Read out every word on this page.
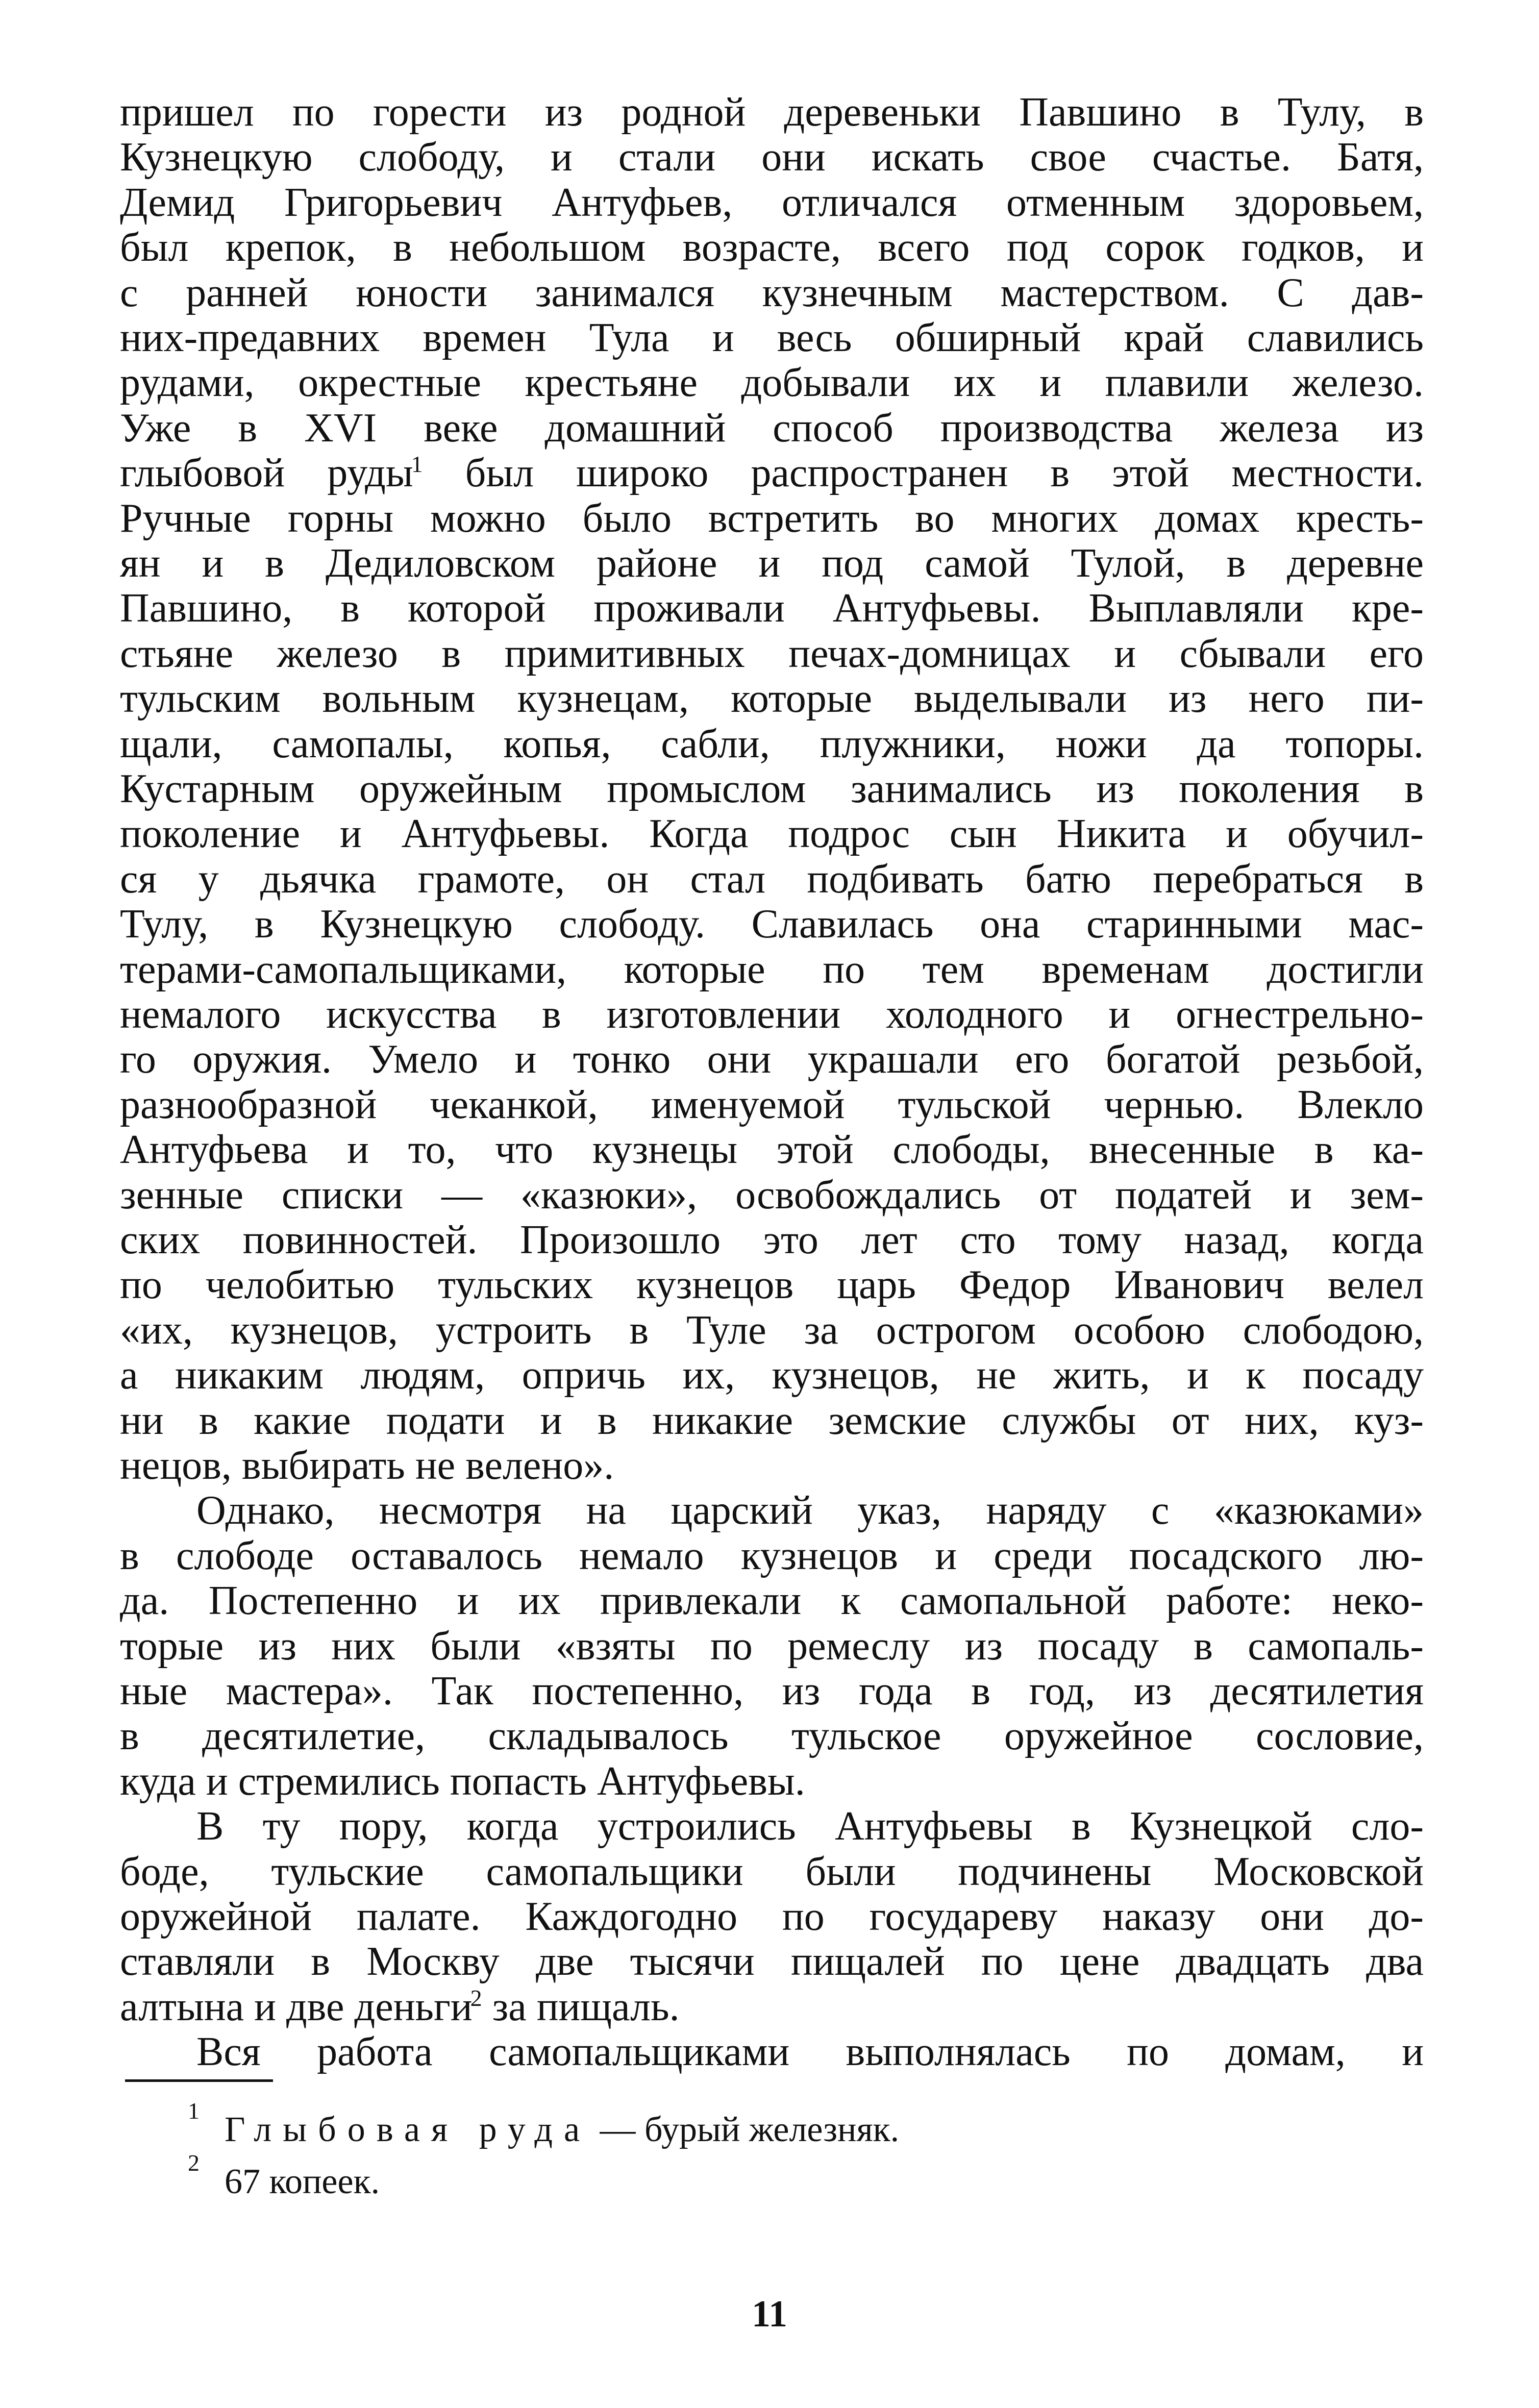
пришел по горести из родной деревеньки Павшино в Тулу, в
Кузнецкую слободу, и стали они искать свое счастье. Батя,
Демид Григорьевич Антуфьев, отличался отменным здоровьем,
был крепок, в небольшом возрасте, всего под сорок годков, и
с ранней юности занимался кузнечным мастерством. С дав-
них-предавних времен Тула и весь обширный край славились
рудами, окрестные крестьяне добывали их и плавили железо.
Уже в XVI веке домашний способ производства железа из
глыбовой руды$^1$ был широко распространен в этой местности.
Ручные горны можно было встретить во многих домах кресть-
ян и в Дедиловском районе и под самой Тулой, в деревне
Павшино, в которой проживали Антуфьевы. Выплавляли кре-
стьяне железо в примитивных печах-домницах и сбывали его
тульским вольным кузнецам, которые выделывали из него пи-
щали, самопалы, копья, сабли, плужники, ножи да топоры.
Кустарным оружейным промыслом занимались из поколения в
поколение и Антуфьевы. Когда подрос сын Никита и обучил-
ся у дьячка грамоте, он стал подбивать батю перебраться в
Тулу, в Кузнецкую слободу. Славилась она старинными мас-
терами-самопальщиками, которые по тем временам достигли
немалого искусства в изготовлении холодного и огнестрельно-
го оружия. Умело и тонко они украшали его богатой резьбой,
разнообразной чеканкой, именуемой тульской чернью. Влекло
Антуфьева и то, что кузнецы этой слободы, внесенные в ка-
зенные списки — «казюки», освобождались от податей и зем-
ских повинностей. Произошло это лет сто тому назад, когда
по челобитью тульских кузнецов царь Федор Иванович велел
«их, кузнецов, устроить в Туле за острогом особою слободою,
а никаким людям, опричь их, кузнецов, не жить, и к посаду
ни в какие подати и в никакие земские службы от них, куз-
нецов, выбирать не велено».
Однако, несмотря на царский указ, наряду с «казюками»
в слободе оставалось немало кузнецов и среди посадского лю-
да. Постепенно и их привлекали к самопальной работе: неко-
торые из них были «взяты по ремеслу из посаду в самопаль-
ные мастера». Так постепенно, из года в год, из десятилетия
в десятилетие, складывалось тульское оружейное сословие,
куда и стремились попасть Антуфьевы.
В ту пору, когда устроились Антуфьевы в Кузнецкой сло-
боде, тульские самопальщики были подчинены Московской
оружейной палате. Каждогодно по государеву наказу они до-
ставляли в Москву две тысячи пищалей по цене двадцать два
алтына и две деньги$^2$ за пищаль.
Вся работа самопальщиками выполнялась по домам, и
1 Глыбовая руда — бурый железняк.
2 67 копеек.
11
